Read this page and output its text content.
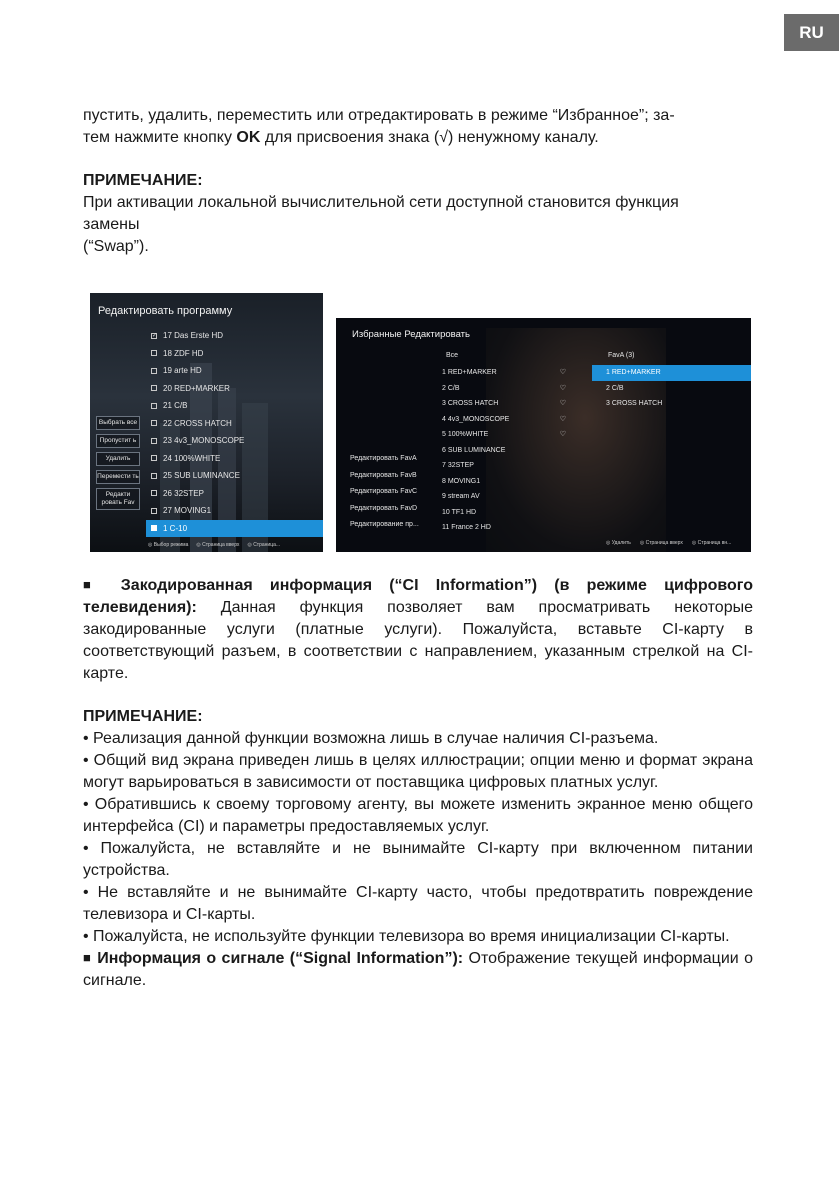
RU

пустить, удалить, переместить или отредактировать в режиме “Избранное”; за-

тем нажмите кнопку OK для присвоения знака (√) ненужному каналу.

ПРИМЕЧАНИЕ:

При активации локальной вычислительной сети доступной становится функция

замены

(“Swap”).

Редактировать программу
✓ 17 Das Erste HD
18 ZDF HD
19 arte HD
20 RED+MARKER
21 C/B
22 CROSS HATCH
23 4v3_MONOSCOPE
24 100%WHITE
25 SUB LUMINANCE
26 32STEP
27 MOVING1
1 C-10
Выбрать все
Пропустит ь
Удалить
Перемести ть
Редакти ровать Fav
◎ Выбор режима ◎ Страница вверх ◎ Страница...
Избранные Редактировать
Все	FavA (3)
1 RED+MARKER	♡
2 C/B	♡
3 CROSS HATCH	♡
4 4v3_MONOSCOPE	♡
5 100%WHITE	♡
6 SUB LUMINANCE
7 32STEP
8 MOVING1
9 stream AV
10 TF1 HD
11 France 2 HD
1 RED+MARKER
2 C/B
3 CROSS HATCH
Редактировать FavA
Редактировать FavB
Редактировать FavC
Редактировать FavD
Редактирование пр...
◎ Удалить ◎ Страница вверх ◎ Страница вн...

■ Закодированная информация (“CI Information”) (в режиме цифрового телевидения): Данная функция позволяет вам просматривать некоторые закодированные услуги (платные услуги). Пожалуйста, вставьте CI-карту в соответствующий разъем, в соответствии с направлением, указанным стрелкой на CI-карте.

ПРИМЕЧАНИЕ:

• Реализация данной функции возможна лишь в случае наличия CI-разъема.

• Общий вид экрана приведен лишь в целях иллюстрации; опции меню и формат экрана могут варьироваться в зависимости от поставщика цифровых платных услуг.

• Обратившись к своему торговому агенту, вы можете изменить экранное меню общего интерфейса (CI) и параметры предоставляемых услуг.

• Пожалуйста, не вставляйте и не вынимайте CI-карту при включенном питании устройства.

• Не вставляйте и не вынимайте CI-карту часто, чтобы предотвратить повреждение телевизора и CI-карты.

• Пожалуйста, не используйте функции телевизора во время инициализации CI-карты.

■ Информация о сигнале (“Signal Information”): Отображение текущей информации о сигнале.
